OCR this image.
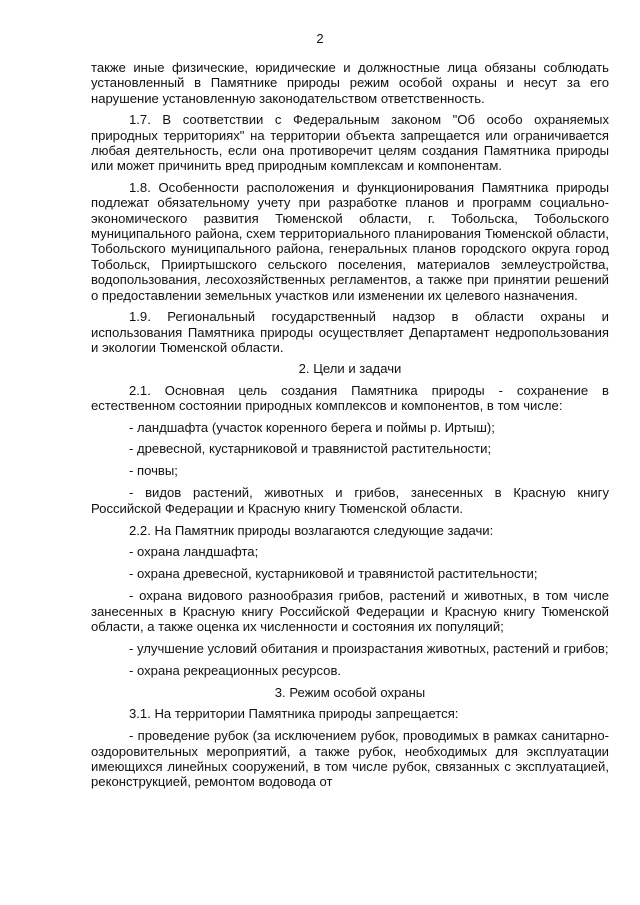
2
также иные физические, юридические и должностные лица обязаны соблюдать установленный в Памятнике природы режим особой охраны и несут за его нарушение установленную законодательством ответственность.
1.7. В соответствии с Федеральным законом "Об особо охраняемых природных территориях" на территории объекта запрещается или ограничивается любая деятельность, если она противоречит целям создания Памятника природы или может причинить вред природным комплексам и компонентам.
1.8. Особенности расположения и функционирования Памятника природы подлежат обязательному учету при разработке планов и программ социально-экономического развития Тюменской области, г. Тобольска, Тобольского муниципального района, схем территориального планирования Тюменской области, Тобольского муниципального района, генеральных планов городского округа город Тобольск, Прииртышского сельского поселения, материалов землеустройства, водопользования, лесохозяйственных регламентов, а также при принятии решений о предоставлении земельных участков или изменении их целевого назначения.
1.9. Региональный государственный надзор в области охраны и использования Памятника природы осуществляет Департамент недропользования и экологии Тюменской области.
2. Цели и задачи
2.1. Основная цель создания Памятника природы - сохранение в естественном состоянии природных комплексов и компонентов, в том числе:
- ландшафта (участок коренного берега и поймы р. Иртыш);
- древесной, кустарниковой и травянистой растительности;
- почвы;
- видов растений, животных и грибов, занесенных в Красную книгу Российской Федерации и Красную книгу Тюменской области.
2.2. На Памятник природы возлагаются следующие задачи:
- охрана ландшафта;
- охрана древесной, кустарниковой и травянистой растительности;
- охрана видового разнообразия грибов, растений и животных, в том числе занесенных в Красную книгу Российской Федерации и Красную книгу Тюменской области, а также оценка их численности и состояния их популяций;
- улучшение условий обитания и произрастания животных, растений и грибов;
- охрана рекреационных ресурсов.
3. Режим особой охраны
3.1. На территории Памятника природы запрещается:
- проведение рубок (за исключением рубок, проводимых в рамках санитарно-оздоровительных мероприятий, а также рубок, необходимых для эксплуатации имеющихся линейных сооружений, в том числе рубок, связанных с эксплуатацией, реконструкцией, ремонтом водовода от
